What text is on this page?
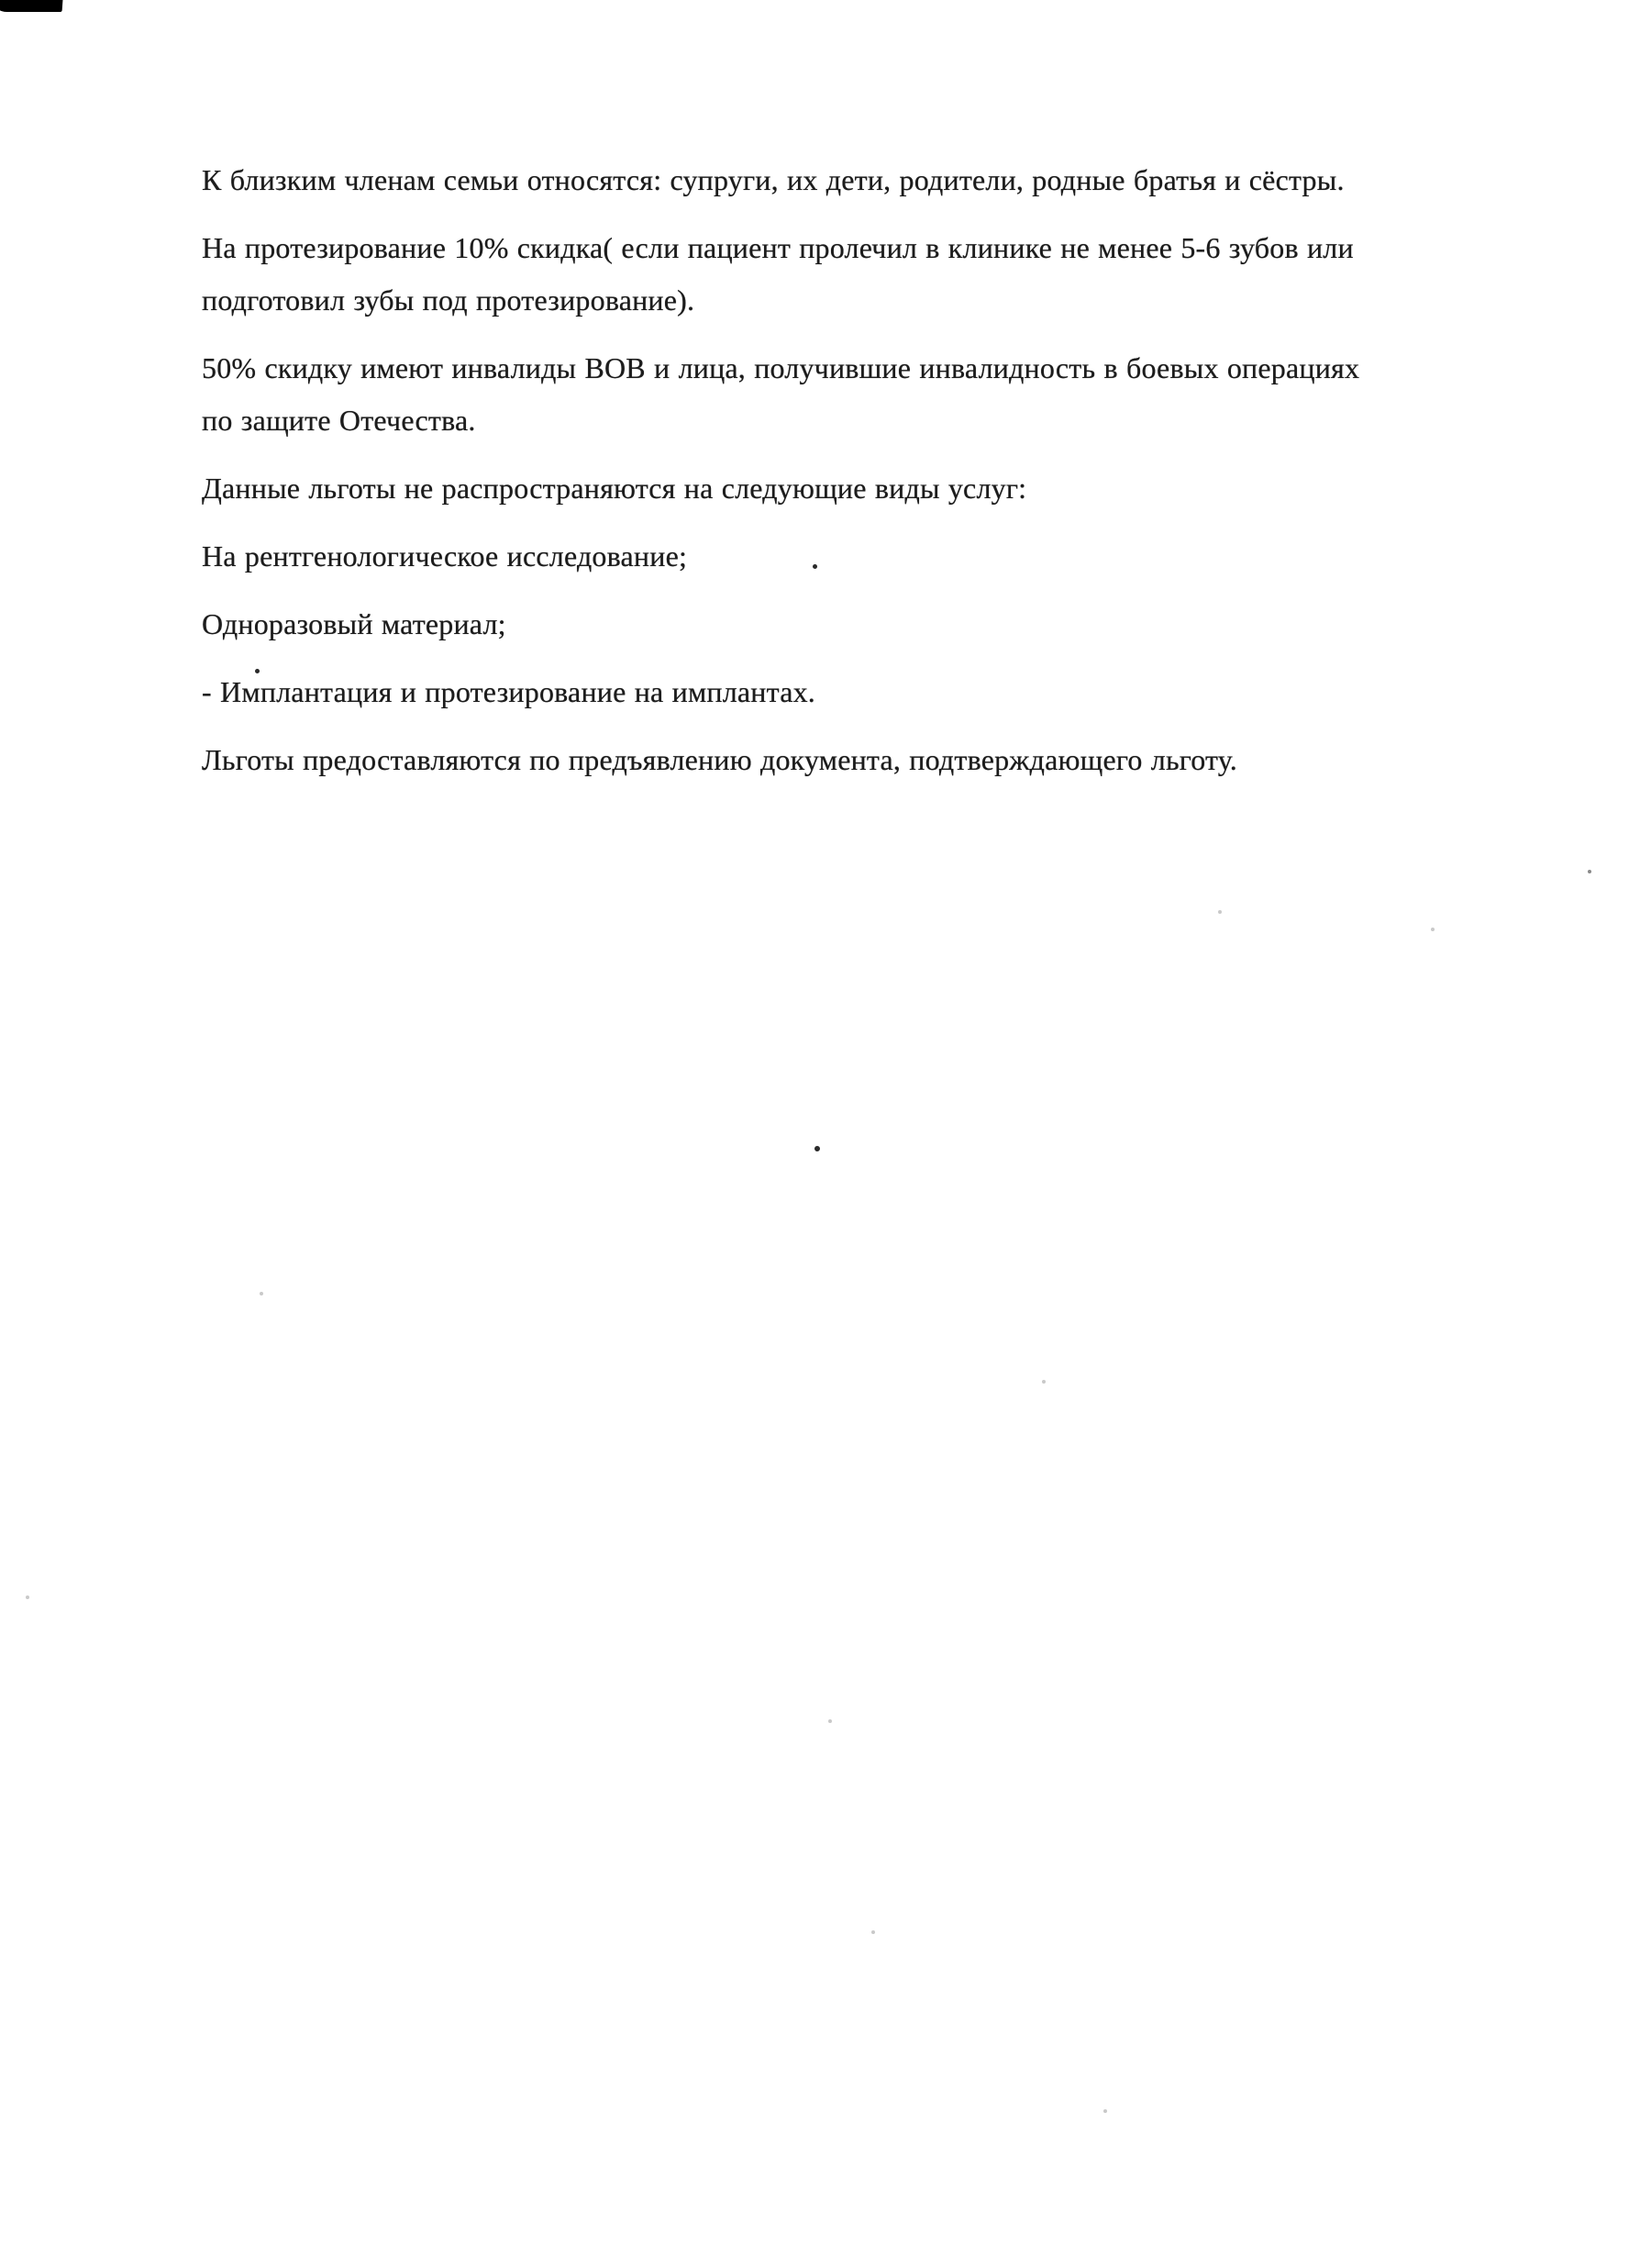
К близким членам семьи относятся: супруги, их дети, родители, родные братья и сёстры.

На протезирование 10% скидка( если пациент пролечил в клинике не менее 5-6 зубов или
подготовил зубы под протезирование).

50% скидку имеют инвалиды ВОВ и лица, получившие инвалидность в боевых операциях
по защите Отечества.

Данные льготы не распространяются на следующие виды услуг:

На рентгенологическое исследование;

Одноразовый материал;

- Имплантация и протезирование на имплантах.

Льготы предоставляются по предъявлению документа, подтверждающего льготу.
